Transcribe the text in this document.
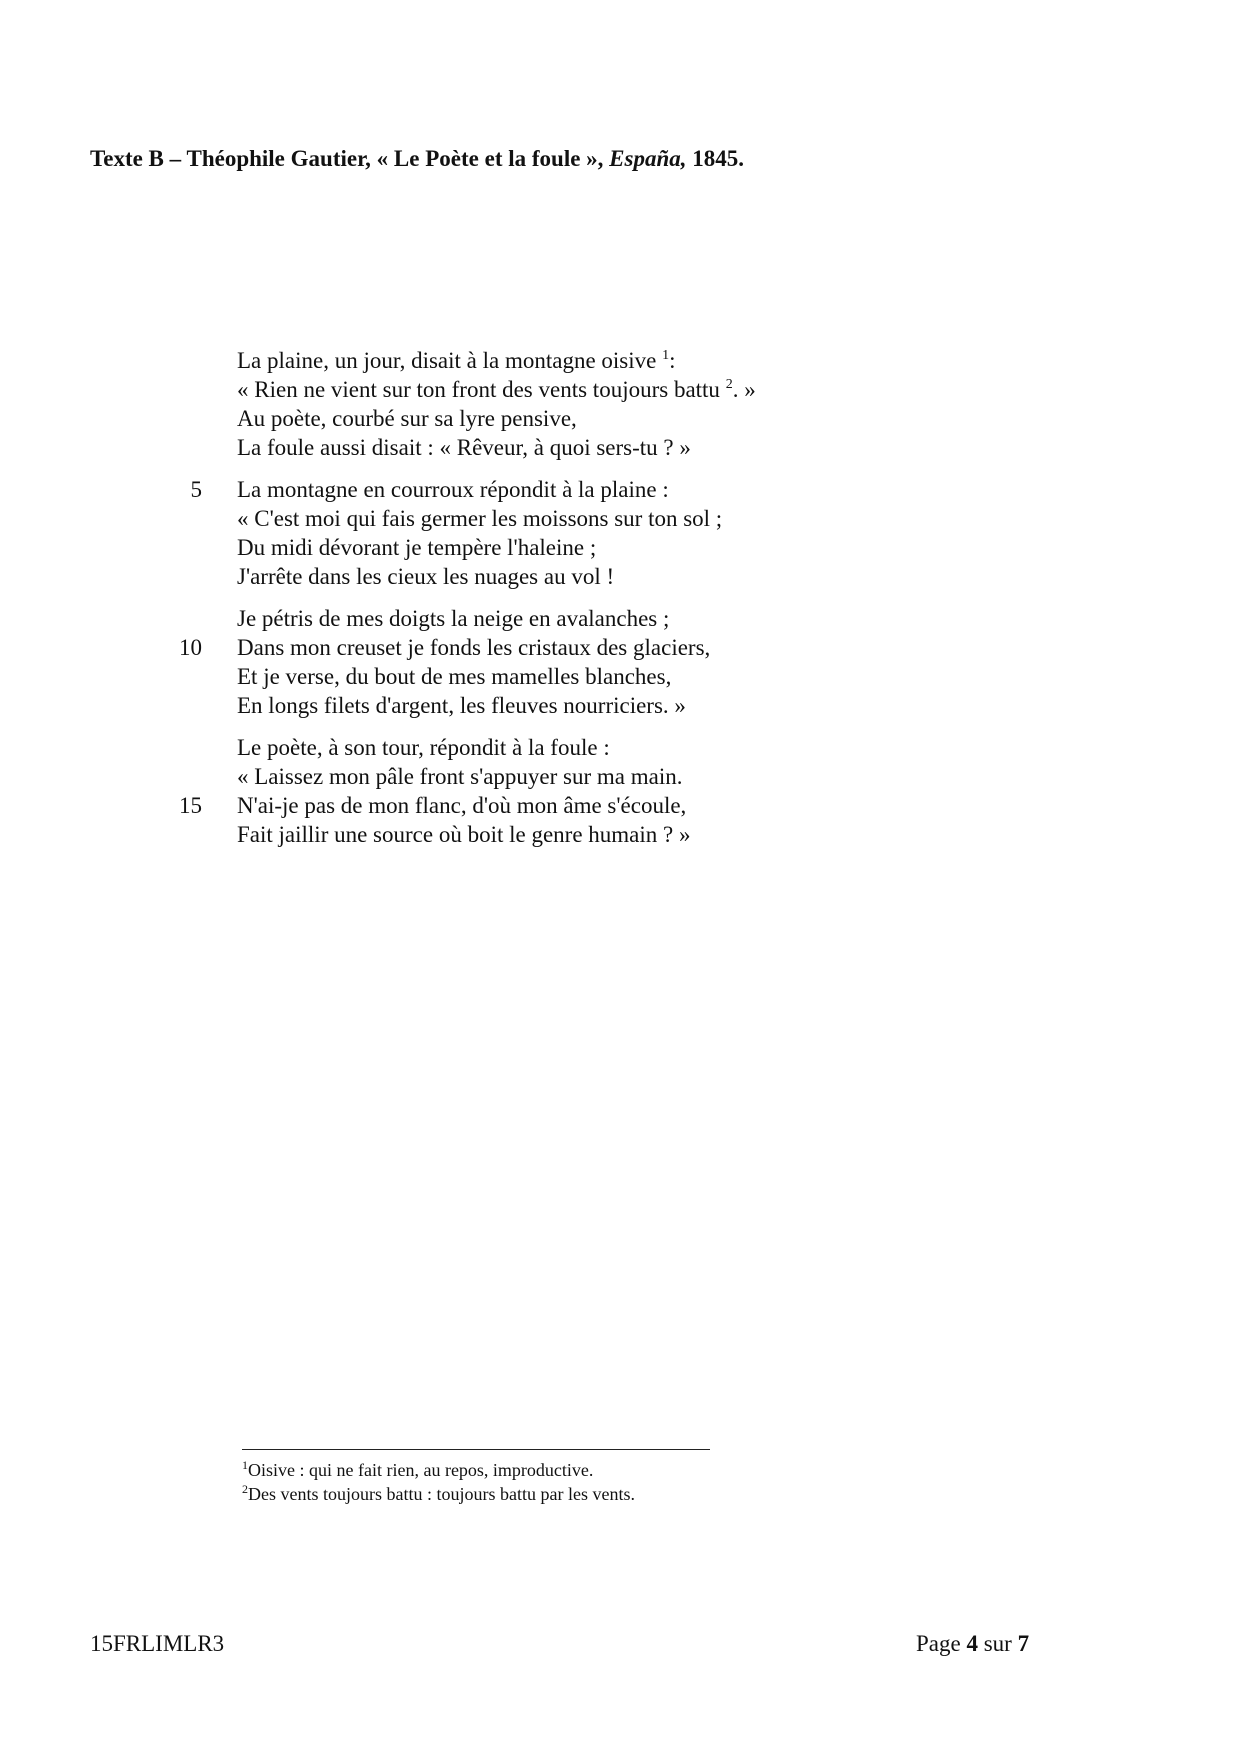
Texte B – Théophile Gautier, « Le Poète et la foule », España, 1845.
La plaine, un jour, disait à la montagne oisive $^1$:
« Rien ne vient sur ton front des vents toujours battu $^2$. »
Au poète, courbé sur sa lyre pensive,
La foule aussi disait : « Rêveur, à quoi sers-tu ? »
5 La montagne en courroux répondit à la plaine :
« C'est moi qui fais germer les moissons sur ton sol ;
Du midi dévorant je tempère l'haleine ;
J'arrête dans les cieux les nuages au vol !
Je pétris de mes doigts la neige en avalanches ;
10 Dans mon creuset je fonds les cristaux des glaciers,
Et je verse, du bout de mes mamelles blanches,
En longs filets d'argent, les fleuves nourriciers. »
Le poète, à son tour, répondit à la foule :
« Laissez mon pâle front s'appuyer sur ma main.
15 N'ai-je pas de mon flanc, d'où mon âme s'écoule,
Fait jaillir une source où boit le genre humain ? »
$^1$Oisive : qui ne fait rien, au repos, improductive.
$^2$Des vents toujours battu : toujours battu par les vents.
15FRLIMLR3	Page 4 sur 7
